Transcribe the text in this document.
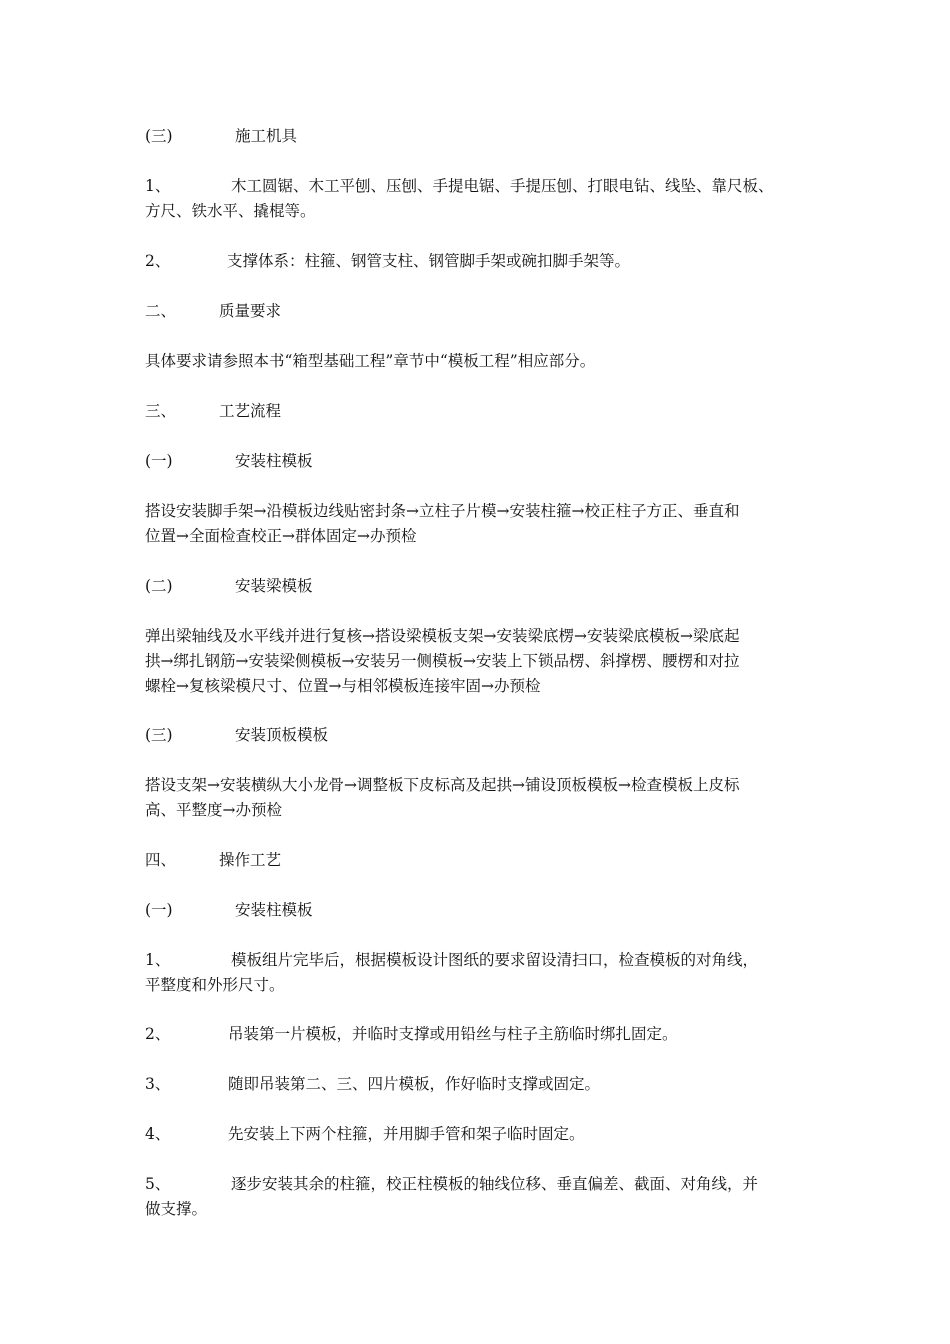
(三)	施工机具
1、	木工圆锯、木工平刨、压刨、手提电锯、手提压刨、打眼电钻、线坠、靠尺板、
方尺、铁水平、撬棍等。
2、	支撑体系：柱箍、钢管支柱、钢管脚手架或碗扣脚手架等。
二、	质量要求
具体要求请参照本书“箱型基础工程”章节中“模板工程”相应部分。
三、	工艺流程
(一)	安装柱模板
搭设安装脚手架→沿模板边线贴密封条→立柱子片模→安装柱箍→校正柱子方正、垂直和
位置→全面检查校正→群体固定→办预检
(二)	安装梁模板
弹出梁轴线及水平线并进行复核→搭设梁模板支架→安装梁底楞→安装梁底模板→梁底起
拱→绑扎钢筋→安装梁侧模板→安装另一侧模板→安装上下锁品楞、斜撑楞、腰楞和对拉
螺栓→复核梁模尺寸、位置→与相邻模板连接牢固→办预检
(三)	安装顶板模板
搭设支架→安装横纵大小龙骨→调整板下皮标高及起拱→铺设顶板模板→检查模板上皮标
高、平整度→办预检
四、	操作工艺
(一)	安装柱模板
1、	模板组片完毕后，根据模板设计图纸的要求留设清扫口，检查模板的对角线，
平整度和外形尺寸。
2、	吊装第一片模板，并临时支撑或用铅丝与柱子主筋临时绑扎固定。
3、	随即吊装第二、三、四片模板，作好临时支撑或固定。
4、	先安装上下两个柱箍，并用脚手管和架子临时固定。
5、	逐步安装其余的柱箍，校正柱模板的轴线位移、垂直偏差、截面、对角线，并
做支撑。
